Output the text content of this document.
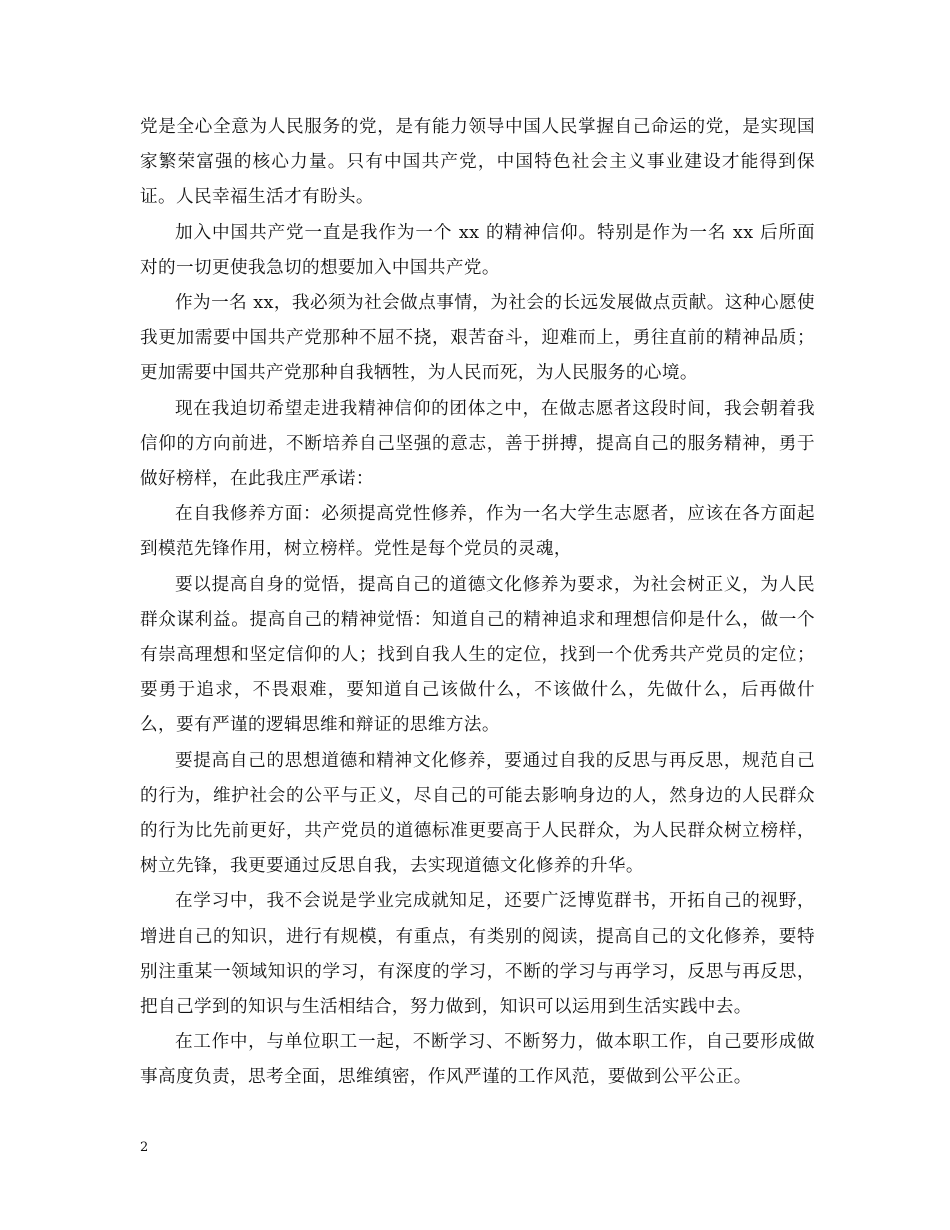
党是全心全意为人民服务的党，是有能力领导中国人民掌握自己命运的党，是实现国家繁荣富强的核心力量。只有中国共产党，中国特色社会主义事业建设才能得到保证。人民幸福生活才有盼头。

加入中国共产党一直是我作为一个 xx 的精神信仰。特别是作为一名 xx 后所面对的一切更使我急切的想要加入中国共产党。

作为一名 xx，我必须为社会做点事情，为社会的长远发展做点贡献。这种心愿使我更加需要中国共产党那种不屈不挠，艰苦奋斗，迎难而上，勇往直前的精神品质；更加需要中国共产党那种自我牺牲，为人民而死，为人民服务的心境。

现在我迫切希望走进我精神信仰的团体之中，在做志愿者这段时间，我会朝着我信仰的方向前进，不断培养自己坚强的意志，善于拼搏，提高自己的服务精神，勇于做好榜样，在此我庄严承诺：

在自我修养方面：必须提高党性修养，作为一名大学生志愿者，应该在各方面起到模范先锋作用，树立榜样。党性是每个党员的灵魂，

要以提高自身的觉悟，提高自己的道德文化修养为要求，为社会树正义，为人民群众谋利益。提高自己的精神觉悟：知道自己的精神追求和理想信仰是什么，做一个有崇高理想和坚定信仰的人；找到自我人生的定位，找到一个优秀共产党员的定位；要勇于追求，不畏艰难，要知道自己该做什么，不该做什么，先做什么，后再做什么，要有严谨的逻辑思维和辩证的思维方法。

要提高自己的思想道德和精神文化修养，要通过自我的反思与再反思，规范自己的行为，维护社会的公平与正义，尽自己的可能去影响身边的人，然身边的人民群众的行为比先前更好，共产党员的道德标准更要高于人民群众，为人民群众树立榜样，树立先锋，我更要通过反思自我，去实现道德文化修养的升华。

在学习中，我不会说是学业完成就知足，还要广泛博览群书，开拓自己的视野，增进自己的知识，进行有规模，有重点，有类别的阅读，提高自己的文化修养，要特别注重某一领域知识的学习，有深度的学习，不断的学习与再学习，反思与再反思，把自己学到的知识与生活相结合，努力做到，知识可以运用到生活实践中去。

在工作中，与单位职工一起，不断学习、不断努力，做本职工作，自己要形成做事高度负责，思考全面，思维缜密，作风严谨的工作风范，要做到公平公正。

2
